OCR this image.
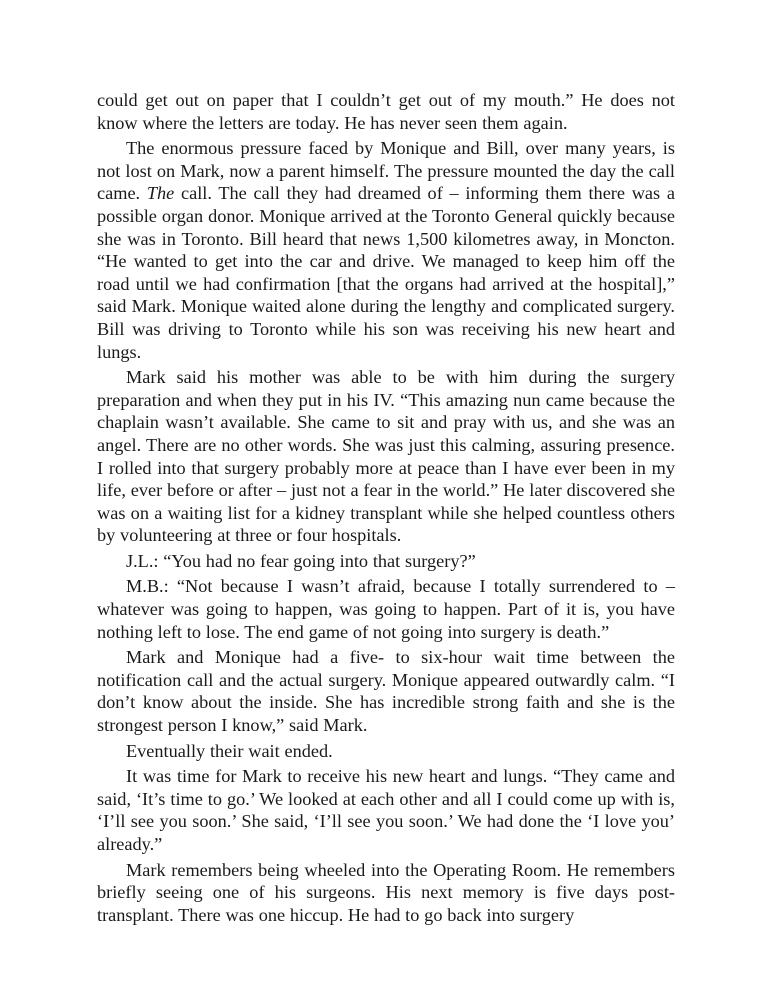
could get out on paper that I couldn’t get out of my mouth.” He does not know where the letters are today. He has never seen them again.

The enormous pressure faced by Monique and Bill, over many years, is not lost on Mark, now a parent himself. The pressure mounted the day the call came. The call. The call they had dreamed of – informing them there was a possible organ donor. Monique arrived at the Toronto General quickly because she was in Toronto. Bill heard that news 1,500 kilometres away, in Moncton. “He wanted to get into the car and drive. We managed to keep him off the road until we had confirmation [that the organs had arrived at the hospital],” said Mark. Monique waited alone during the lengthy and complicated surgery. Bill was driving to Toronto while his son was receiving his new heart and lungs.

Mark said his mother was able to be with him during the surgery preparation and when they put in his IV. “This amazing nun came because the chaplain wasn’t available. She came to sit and pray with us, and she was an angel. There are no other words. She was just this calming, assuring presence. I rolled into that surgery probably more at peace than I have ever been in my life, ever before or after – just not a fear in the world.” He later discovered she was on a waiting list for a kidney transplant while she helped countless others by volunteering at three or four hospitals.

J.L.: “You had no fear going into that surgery?”

M.B.: “Not because I wasn’t afraid, because I totally surrendered to – whatever was going to happen, was going to happen. Part of it is, you have nothing left to lose. The end game of not going into surgery is death.”

Mark and Monique had a five- to six-hour wait time between the notification call and the actual surgery. Monique appeared outwardly calm. “I don’t know about the inside. She has incredible strong faith and she is the strongest person I know,” said Mark.

Eventually their wait ended.

It was time for Mark to receive his new heart and lungs. “They came and said, ‘It’s time to go.’ We looked at each other and all I could come up with is, ‘I’ll see you soon.’ She said, ‘I’ll see you soon.’ We had done the ‘I love you’ already.”

Mark remembers being wheeled into the Operating Room. He remembers briefly seeing one of his surgeons. His next memory is five days post-transplant. There was one hiccup. He had to go back into surgery
